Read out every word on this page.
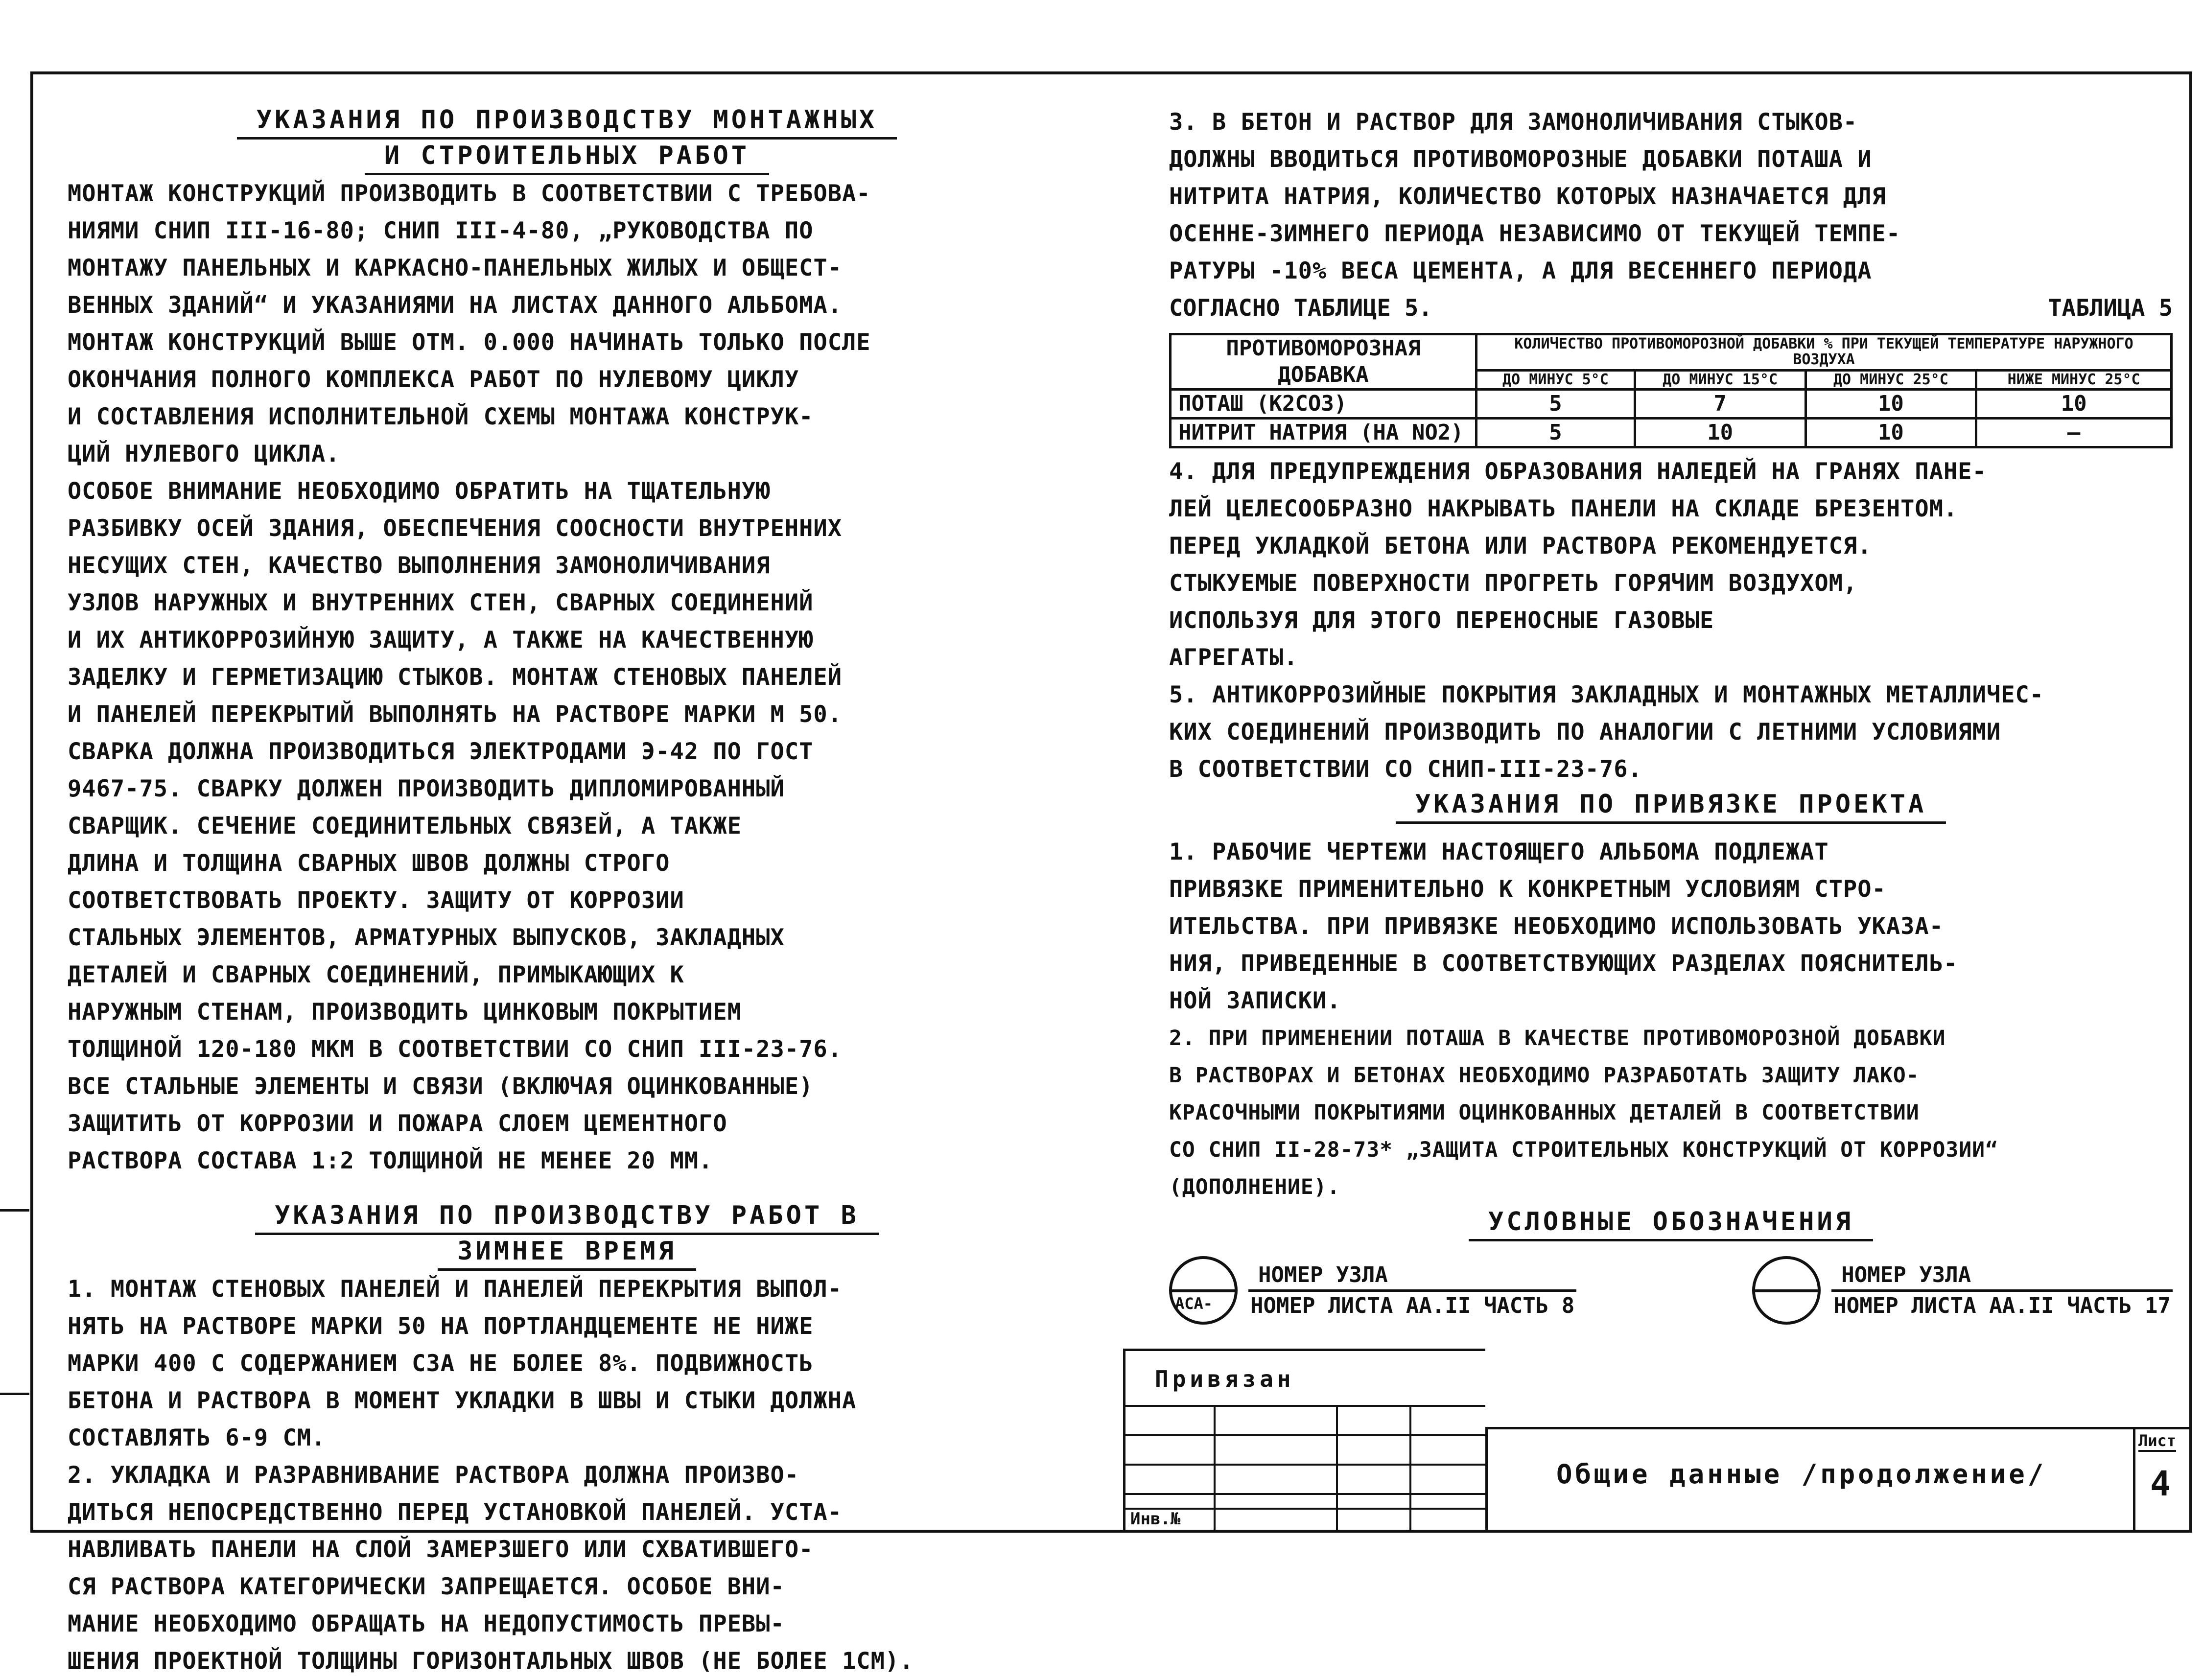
УКАЗАНИЯ ПО ПРОИЗВОДСТВУ МОНТАЖНЫХ
И СТРОИТЕЛЬНЫХ РАБОТ

МОНТАЖ КОНСТРУКЦИЙ ПРОИЗВОДИТЬ В СООТВЕТСТВИИ С ТРЕБОВА-
НИЯМИ СНИП III-16-80; СНИП III-4-80, „РУКОВОДСТВА ПО
МОНТАЖУ ПАНЕЛЬНЫХ И КАРКАСНО-ПАНЕЛЬНЫХ ЖИЛЫХ И ОБЩЕСТ-
ВЕННЫХ ЗДАНИЙ“ И УКАЗАНИЯМИ НА ЛИСТАХ ДАННОГО АЛЬБОМА.
МОНТАЖ КОНСТРУКЦИЙ ВЫШЕ ОТМ. 0.000 НАЧИНАТЬ ТОЛЬКО ПОСЛЕ
ОКОНЧАНИЯ ПОЛНОГО КОМПЛЕКСА РАБОТ ПО НУЛЕВОМУ ЦИКЛУ
И СОСТАВЛЕНИЯ ИСПОЛНИТЕЛЬНОЙ СХЕМЫ МОНТАЖА КОНСТРУК-
ЦИЙ НУЛЕВОГО ЦИКЛА.

ОСОБОЕ ВНИМАНИЕ НЕОБХОДИМО ОБРАТИТЬ НА ТЩАТЕЛЬНУЮ
РАЗБИВКУ ОСЕЙ ЗДАНИЯ, ОБЕСПЕЧЕНИЯ СООСНОСТИ ВНУТРЕННИХ
НЕСУЩИХ СТЕН, КАЧЕСТВО ВЫПОЛНЕНИЯ ЗАМОНОЛИЧИВАНИЯ
УЗЛОВ НАРУЖНЫХ И ВНУТРЕННИХ СТЕН, СВАРНЫХ СОЕДИНЕНИЙ
И ИХ АНТИКОРРОЗИЙНУЮ ЗАЩИТУ, А ТАКЖЕ НА КАЧЕСТВЕННУЮ
ЗАДЕЛКУ И ГЕРМЕТИЗАЦИЮ СТЫКОВ. МОНТАЖ СТЕНОВЫХ ПАНЕЛЕЙ
И ПАНЕЛЕЙ ПЕРЕКРЫТИЙ ВЫПОЛНЯТЬ НА РАСТВОРЕ МАРКИ М 50.

СВАРКА ДОЛЖНА ПРОИЗВОДИТЬСЯ ЭЛЕКТРОДАМИ Э-42 ПО ГОСТ
9467-75. СВАРКУ ДОЛЖЕН ПРОИЗВОДИТЬ ДИПЛОМИРОВАННЫЙ
СВАРЩИК. СЕЧЕНИЕ СОЕДИНИТЕЛЬНЫХ СВЯЗЕЙ, А ТАКЖЕ
ДЛИНА И ТОЛЩИНА СВАРНЫХ ШВОВ ДОЛЖНЫ СТРОГО
СООТВЕТСТВОВАТЬ ПРОЕКТУ. ЗАЩИТУ ОТ КОРРОЗИИ
СТАЛЬНЫХ ЭЛЕМЕНТОВ, АРМАТУРНЫХ ВЫПУСКОВ, ЗАКЛАДНЫХ
ДЕТАЛЕЙ И СВАРНЫХ СОЕДИНЕНИЙ, ПРИМЫКАЮЩИХ К
НАРУЖНЫМ СТЕНАМ, ПРОИЗВОДИТЬ ЦИНКОВЫМ ПОКРЫТИЕМ
ТОЛЩИНОЙ 120-180 МКМ В СООТВЕТСТВИИ СО СНИП III-23-76.
ВСЕ СТАЛЬНЫЕ ЭЛЕМЕНТЫ И СВЯЗИ (ВКЛЮЧАЯ ОЦИНКОВАННЫЕ)
ЗАЩИТИТЬ ОТ КОРРОЗИИ И ПОЖАРА СЛОЕМ ЦЕМЕНТНОГО
РАСТВОРА СОСТАВА 1:2 ТОЛЩИНОЙ НЕ МЕНЕЕ 20 ММ.

УКАЗАНИЯ ПО ПРОИЗВОДСТВУ РАБОТ В
ЗИМНЕЕ ВРЕМЯ

1. МОНТАЖ СТЕНОВЫХ ПАНЕЛЕЙ И ПАНЕЛЕЙ ПЕРЕКРЫТИЯ ВЫПОЛ-
НЯТЬ НА РАСТВОРЕ МАРКИ 50 НА ПОРТЛАНДЦЕМЕНТЕ НЕ НИЖЕ
МАРКИ 400 С СОДЕРЖАНИЕМ C3A НЕ БОЛЕЕ 8%. ПОДВИЖНОСТЬ
БЕТОНА И РАСТВОРА В МОМЕНТ УКЛАДКИ В ШВЫ И СТЫКИ ДОЛЖНА
СОСТАВЛЯТЬ 6-9 СМ.

2. УКЛАДКА И РАЗРАВНИВАНИЕ РАСТВОРА ДОЛЖНА ПРОИЗВО-
ДИТЬСЯ НЕПОСРЕДСТВЕННО ПЕРЕД УСТАНОВКОЙ ПАНЕЛЕЙ. УСТА-
НАВЛИВАТЬ ПАНЕЛИ НА СЛОЙ ЗАМЕРЗШЕГО ИЛИ СХВАТИВШЕГО-
СЯ РАСТВОРА КАТЕГОРИЧЕСКИ ЗАПРЕЩАЕТСЯ. ОСОБОЕ ВНИ-
МАНИЕ НЕОБХОДИМО ОБРАЩАТЬ НА НЕДОПУСТИМОСТЬ ПРЕВЫ-
ШЕНИЯ ПРОЕКТНОЙ ТОЛЩИНЫ ГОРИЗОНТАЛЬНЫХ ШВОВ (НЕ БОЛЕЕ 1СМ).

3. В БЕТОН И РАСТВОР ДЛЯ ЗАМОНОЛИЧИВАНИЯ СТЫКОВ-
ДОЛЖНЫ ВВОДИТЬСЯ ПРОТИВОМОРОЗНЫЕ ДОБАВКИ ПОТАША И
НИТРИТА НАТРИЯ, КОЛИЧЕСТВО КОТОРЫХ НАЗНАЧАЕТСЯ ДЛЯ
ОСЕННЕ-ЗИМНЕГО ПЕРИОДА НЕЗАВИСИМО ОТ ТЕКУЩЕЙ ТЕМПЕ-
РАТУРЫ -10% ВЕСА ЦЕМЕНТА, А ДЛЯ ВЕСЕННЕГО ПЕРИОДА

СОГЛАСНО ТАБЛИЦЕ 5.	ТАБЛИЦА 5
ПРОТИВОМОРОЗНАЯ ДОБАВКА	КОЛИЧЕСТВО ПРОТИВОМОРОЗНОЙ ДОБАВКИ % ПРИ ТЕКУЩЕЙ ТЕМПЕРАТУРЕ НАРУЖНОГО ВОЗДУХА			
	ДО МИНУС 5°С	ДО МИНУС 15°С	ДО МИНУС 25°С	НИЖЕ МИНУС 25°С
ПОТАШ (K2CO3)	5	7	10	10
НИТРИТ НАТРИЯ (НА NO2)	5	10	10	—

4. ДЛЯ ПРЕДУПРЕЖДЕНИЯ ОБРАЗОВАНИЯ НАЛЕДЕЙ НА ГРАНЯХ ПАНЕ-
ЛЕЙ ЦЕЛЕСООБРАЗНО НАКРЫВАТЬ ПАНЕЛИ НА СКЛАДЕ БРЕЗЕНТОМ.
ПЕРЕД УКЛАДКОЙ БЕТОНА ИЛИ РАСТВОРА РЕКОМЕНДУЕТСЯ.
СТЫКУЕМЫЕ ПОВЕРХНОСТИ ПРОГРЕТЬ ГОРЯЧИМ ВОЗДУХОМ,
ИСПОЛЬЗУЯ ДЛЯ ЭТОГО ПЕРЕНОСНЫЕ ГАЗОВЫЕ
АГРЕГАТЫ.

5. АНТИКОРРОЗИЙНЫЕ ПОКРЫТИЯ ЗАКЛАДНЫХ И МОНТАЖНЫХ МЕТАЛЛИЧЕС-
КИХ СОЕДИНЕНИЙ ПРОИЗВОДИТЬ ПО АНАЛОГИИ С ЛЕТНИМИ УСЛОВИЯМИ
В СООТВЕТСТВИИ СО СНИП-III-23-76.

УКАЗАНИЯ ПО ПРИВЯЗКЕ ПРОЕКТА

1. РАБОЧИЕ ЧЕРТЕЖИ НАСТОЯЩЕГО АЛЬБОМА ПОДЛЕЖАТ
ПРИВЯЗКЕ ПРИМЕНИТЕЛЬНО К КОНКРЕТНЫМ УСЛОВИЯМ СТРО-
ИТЕЛЬСТВА. ПРИ ПРИВЯЗКЕ НЕОБХОДИМО ИСПОЛЬЗОВАТЬ УКАЗА-
НИЯ, ПРИВЕДЕННЫЕ В СООТВЕТСТВУЮЩИХ РАЗДЕЛАХ ПОЯСНИТЕЛЬ-
НОЙ ЗАПИСКИ.

2. ПРИ ПРИМЕНЕНИИ ПОТАША В КАЧЕСТВЕ ПРОТИВОМОРОЗНОЙ ДОБАВКИ
В РАСТВОРАХ И БЕТОНАХ НЕОБХОДИМО РАЗРАБОТАТЬ ЗАЩИТУ ЛАКО-
КРАСОЧНЫМИ ПОКРЫТИЯМИ ОЦИНКОВАННЫХ ДЕТАЛЕЙ В СООТВЕТСТВИИ
СО СНИП II-28-73* „ЗАЩИТА СТРОИТЕЛЬНЫХ КОНСТРУКЦИЙ ОТ КОРРОЗИИ“ (ДОПОЛНЕНИЕ).

УСЛОВНЫЕ ОБОЗНАЧЕНИЯ
АСА-
НОМЕР УЗЛА
НОМЕР ЛИСТА АА.II ЧАСТЬ 8
НОМЕР УЗЛА
НОМЕР ЛИСТА АА.II ЧАСТЬ 17
Привязан
Инв.№
Общие данные /продолжение/
Лист
4
